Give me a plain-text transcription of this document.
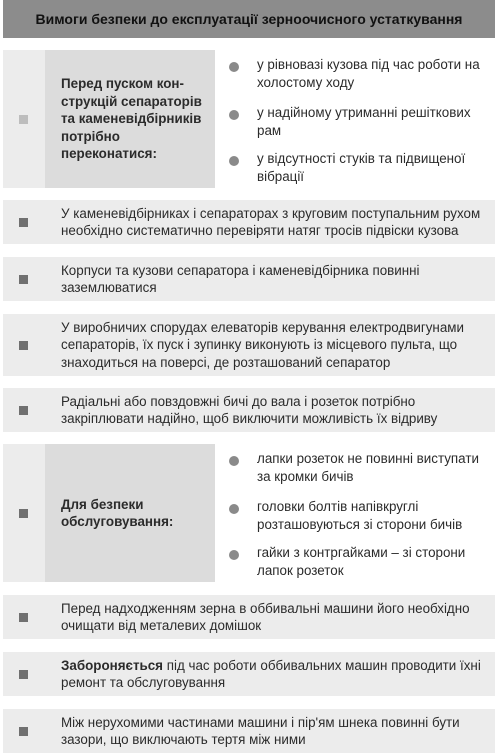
Вимоги безпеки до експлуатації зерноочисного устаткування
Перед пуском кон-струкцій сепараторів та каменевідбірників потрібно переконатися:
у рівновазі кузова під час роботи на холостому ходу
у надійному утриманні решіткових рам
у відсутності стуків та підвищеної вібрації

У каменевідбірниках і сепараторах з круговим поступальним рухом необхідно систематично перевіряти натяг тросів підвіски кузова

Корпуси та кузови сепаратора і каменевідбірника повинні заземлюватися

У виробничих спорудах елеваторів керування електродвигунами сепараторів, їх пуск і зупинку виконують із місцевого пульта, що знаходиться на поверсі, де розташований сепаратор

Радіальні або повздовжні бичі до вала і розеток потрібно закріплювати надійно, щоб виключити можливість їх відриву

Для безпеки обслуговування:
лапки розеток не повинні виступати за кромки бичів
головки болтів напівкруглі розташовуються зі сторони бичів
гайки з контргайками – зі сторони лапок розеток

Перед надходженням зерна в оббивальні машини його необхідно очищати від металевих домішок

Забороняється під час роботи оббивальних машин проводити їхні ремонт та обслуговування

Між нерухомими частинами машини і пір'ям шнека повинні бути зазори, що виключають тертя між ними
